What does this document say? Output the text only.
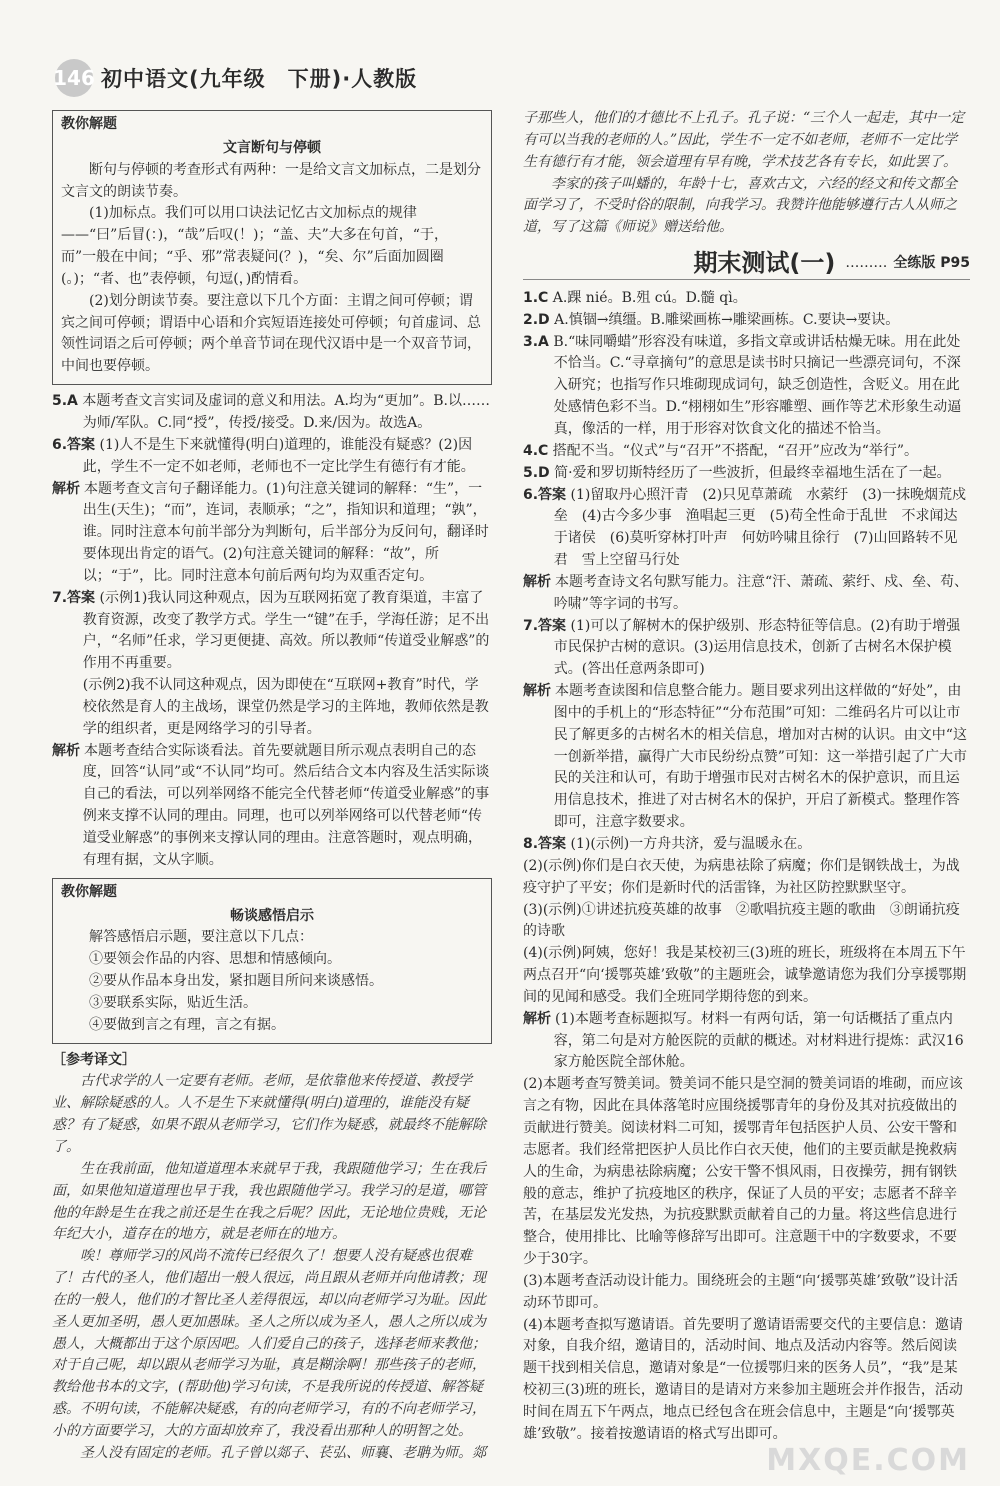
146 初中语文(九年级　下册)·人教版
教你解题
文言断句与停顿

断句与停顿的考查形式有两种：一是给文言文加标点，二是划分文言文的朗读节奏。

(1)加标点。我们可以用口诀法记忆古文加标点的规律——“曰”后冒(：)，“哉”后叹(！)；“盖、夫”大多在句首，“于，而”一般在中间；“乎、邪”常表疑问(？)，“矣、尔”后面加圆圈(。)；“者、也”表停顿，句逗(，)酌情看。

(2)划分朗读节奏。要注意以下几个方面：主谓之间可停顿；谓宾之间可停顿；谓语中心语和介宾短语连接处可停顿；句首虚词、总领性词语之后可停顿；两个单音节词在现代汉语中是一个双音节词，中间也要停顿。

5.A 本题考查文言实词及虚词的意义和用法。A.均为“更加”。B.以……为师/军队。C.同“授”，传授/接受。D.来/因为。故选A。

6.答案 (1)人不是生下来就懂得(明白)道理的，谁能没有疑惑？(2)因此，学生不一定不如老师，老师也不一定比学生有德行有才能。

解析 本题考查文言句子翻译能力。(1)句注意关键词的解释：“生”，一出生(天生)；“而”，连词，表顺承；“之”，指知识和道理；“孰”，谁。同时注意本句前半部分为判断句，后半部分为反问句，翻译时要体现出肯定的语气。(2)句注意关键词的解释：“故”，所以；“于”，比。同时注意本句前后两句均为双重否定句。

7.答案 (示例1)我认同这种观点，因为互联网拓宽了教育渠道，丰富了教育资源，改变了教学方式。学生一“键”在手，学海任游；足不出户，“名师”任求，学习更便捷、高效。所以教师“传道受业解惑”的作用不再重要。

(示例2)我不认同这种观点，因为即使在“互联网+教育”时代，学校依然是育人的主战场，课堂仍然是学习的主阵地，教师依然是教学的组织者，更是网络学习的引导者。

解析 本题考查结合实际谈看法。首先要就题目所示观点表明自己的态度，回答“认同”或“不认同”均可。然后结合文本内容及生活实际谈自己的看法，可以列举网络不能完全代替老师“传道受业解惑”的事例来支撑不认同的理由。同理，也可以列举网络可以代替老师“传道受业解惑”的事例来支撑认同的理由。注意答题时，观点明确，有理有据，文从字顺。

教你解题
畅谈感悟启示

解答感悟启示题，要注意以下几点：

①要领会作品的内容、思想和情感倾向。

②要从作品本身出发，紧扣题目所问来谈感悟。

③要联系实际，贴近生活。

④要做到言之有理，言之有据。

［参考译文］

古代求学的人一定要有老师。老师，是依靠他来传授道、教授学业、解除疑惑的人。人不是生下来就懂得(明白)道理的，谁能没有疑惑？有了疑惑，如果不跟从老师学习，它们作为疑惑，就最终不能解除了。

生在我前面，他知道道理本来就早于我，我跟随他学习；生在我后面，如果他知道道理也早于我，我也跟随他学习。我学习的是道，哪管他的年龄是生在我之前还是生在我之后呢？因此，无论地位贵贱，无论年纪大小，道存在的地方，就是老师在的地方。

唉！尊师学习的风尚不流传已经很久了！想要人没有疑惑也很难了！古代的圣人，他们超出一般人很远，尚且跟从老师并向他请教；现在的一般人，他们的才智比圣人差得很远，却以向老师学习为耻。因此圣人更加圣明，愚人更加愚昧。圣人之所以成为圣人，愚人之所以成为愚人，大概都出于这个原因吧。人们爱自己的孩子，选择老师来教他；对于自己呢，却以跟从老师学习为耻，真是糊涂啊！那些孩子的老师，教给他书本的文字，(帮助他)学习句读，不是我所说的传授道、解答疑惑。不明句读，不能解决疑惑，有的向老师学习，有的不向老师学习，小的方面要学习，大的方面却放弃了，我没看出那种人的明智之处。

圣人没有固定的老师。孔子曾以郯子、苌弘、师襄、老聃为师。郯

子那些人，他们的才德比不上孔子。孔子说：“三个人一起走，其中一定有可以当我的老师的人。”因此，学生不一定不如老师，老师不一定比学生有德行有才能，领会道理有早有晚，学术技艺各有专长，如此罢了。

李家的孩子叫蟠的，年龄十七，喜欢古文，六经的经文和传文都全面学习了，不受时俗的限制，向我学习。我赞许他能够遵行古人从师之道，写了这篇《师说》赠送给他。

期末测试(一) ……… 全练版 P95

1.C A.踝 nié。B.殂 cú。D.髓 qì。

2.D A.慎锢→缜缰。B.雕梁画栋→雕梁画栋。C.要诀→要诀。

3.A B.“味同嚼蜡”形容没有味道，多指文章或讲话枯燥无味。用在此处不恰当。C.“寻章摘句”的意思是读书时只摘记一些漂亮词句，不深入研究；也指写作只堆砌现成词句，缺乏创造性，含贬义。用在此处感情色彩不当。D.“栩栩如生”形容雕塑、画作等艺术形象生动逼真，像活的一样，用于形容对饮食文化的描述不恰当。

4.C 搭配不当。“仪式”与“召开”不搭配，“召开”应改为“举行”。

5.D 简·爱和罗切斯特经历了一些波折，但最终幸福地生活在了一起。

6.答案 (1)留取丹心照汗青　(2)只见草萧疏　水萦纡　(3)一抹晚烟荒戍垒　(4)古今多少事　渔唱起三更　(5)苟全性命于乱世　不求闻达于诸侯　(6)莫听穿林打叶声　何妨吟啸且徐行　(7)山回路转不见君　雪上空留马行处

解析 本题考查诗文名句默写能力。注意“汗、萧疏、萦纡、戍、垒、苟、吟啸”等字词的书写。

7.答案 (1)可以了解树木的保护级别、形态特征等信息。(2)有助于增强市民保护古树的意识。(3)运用信息技术，创新了古树名木保护模式。(答出任意两条即可)

解析 本题考查读图和信息整合能力。题目要求列出这样做的“好处”，由图中的手机上的“形态特征”“分布范围”可知：二维码名片可以让市民了解更多的古树名木的相关信息，增加对古树的认识。由文中“这一创新举措，赢得广大市民纷纷点赞”可知：这一举措引起了广大市民的关注和认可，有助于增强市民对古树名木的保护意识，而且运用信息技术，推进了对古树名木的保护，开启了新模式。整理作答即可，注意字数要求。

8.答案 (1)(示例)一方舟共济，爱与温暖永在。

(2)(示例)你们是白衣天使，为病患祛除了病魔；你们是钢铁战士，为战疫守护了平安；你们是新时代的活雷锋，为社区防控默默坚守。

(3)(示例)①讲述抗疫英雄的故事　②歌唱抗疫主题的歌曲　③朗诵抗疫的诗歌

(4)(示例)阿姨，您好！我是某校初三(3)班的班长，班级将在本周五下午两点召开“向‘援鄂英雄’致敬”的主题班会，诚挚邀请您为我们分享援鄂期间的见闻和感受。我们全班同学期待您的到来。

解析 (1)本题考查标题拟写。材料一有两句话，第一句话概括了重点内容，第二句是对方舱医院的贡献的概述。对材料进行提炼：武汉16家方舱医院全部休舱。

(2)本题考查写赞美词。赞美词不能只是空洞的赞美词语的堆砌，而应该言之有物，因此在具体落笔时应围绕援鄂青年的身份及其对抗疫做出的贡献进行赞美。阅读材料二可知，援鄂青年包括医护人员、公安干警和志愿者。我们经常把医护人员比作白衣天使，他们的主要贡献是挽救病人的生命，为病患祛除病魔；公安干警不惧风雨，日夜操劳，拥有钢铁般的意志，维护了抗疫地区的秩序，保证了人员的平安；志愿者不辞辛苦，在基层发光发热，为抗疫默默贡献着自己的力量。将这些信息进行整合，使用排比、比喻等修辞写出即可。注意题干中的字数要求，不要少于30字。

(3)本题考查活动设计能力。围绕班会的主题“向‘援鄂英雄’致敬”设计活动环节即可。

(4)本题考查拟写邀请语。首先要明了邀请语需要交代的主要信息：邀请对象，自我介绍，邀请目的，活动时间、地点及活动内容等。然后阅读题干找到相关信息，邀请对象是“一位援鄂归来的医务人员”，“我”是某校初三(3)班的班长，邀请目的是请对方来参加主题班会并作报告，活动时间在周五下午两点，地点已经包含在班会信息中，主题是“向‘援鄂英雄’致敬”。接着按邀请语的格式写出即可。

MXQE.COM
